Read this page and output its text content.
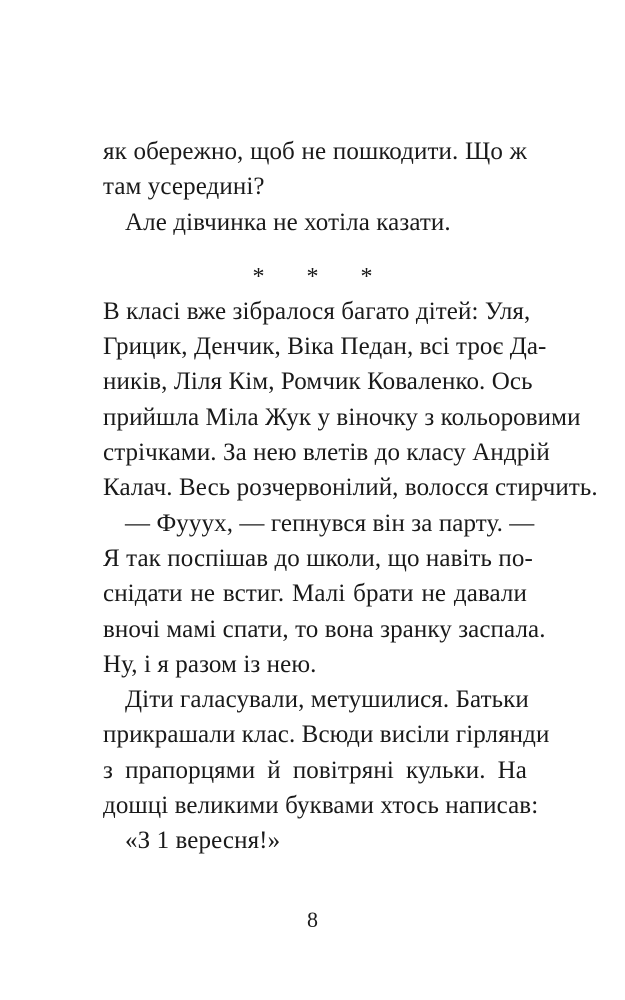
як обережно, щоб не пошкодити. Що ж
там усередині?
Але дівчинка не хотіла казати.
* * *
В класі вже зібралося багато дітей: Уля,
Грицик, Денчик, Віка Педан, всі троє Да-
ників, Ліля Кім, Ромчик Коваленко. Ось
прийшла Міла Жук у віночку з кольоровими
стрічками. За нею влетів до класу Андрій
Калач. Весь розчервонілий, волосся стирчить.
— Фууух, — гепнувся він за парту. —
Я так поспішав до школи, що навіть по-
снідати не встиг. Малі брати не давали
вночі мамі спати, то вона зранку заспала.
Ну, і я разом із нею.
Діти галасували, метушилися. Батьки
прикрашали клас. Всюди висіли гірлянди
з прапорцями й повітряні кульки. На
дошці великими буквами хтось написав:
«З 1 вересня!»
8
